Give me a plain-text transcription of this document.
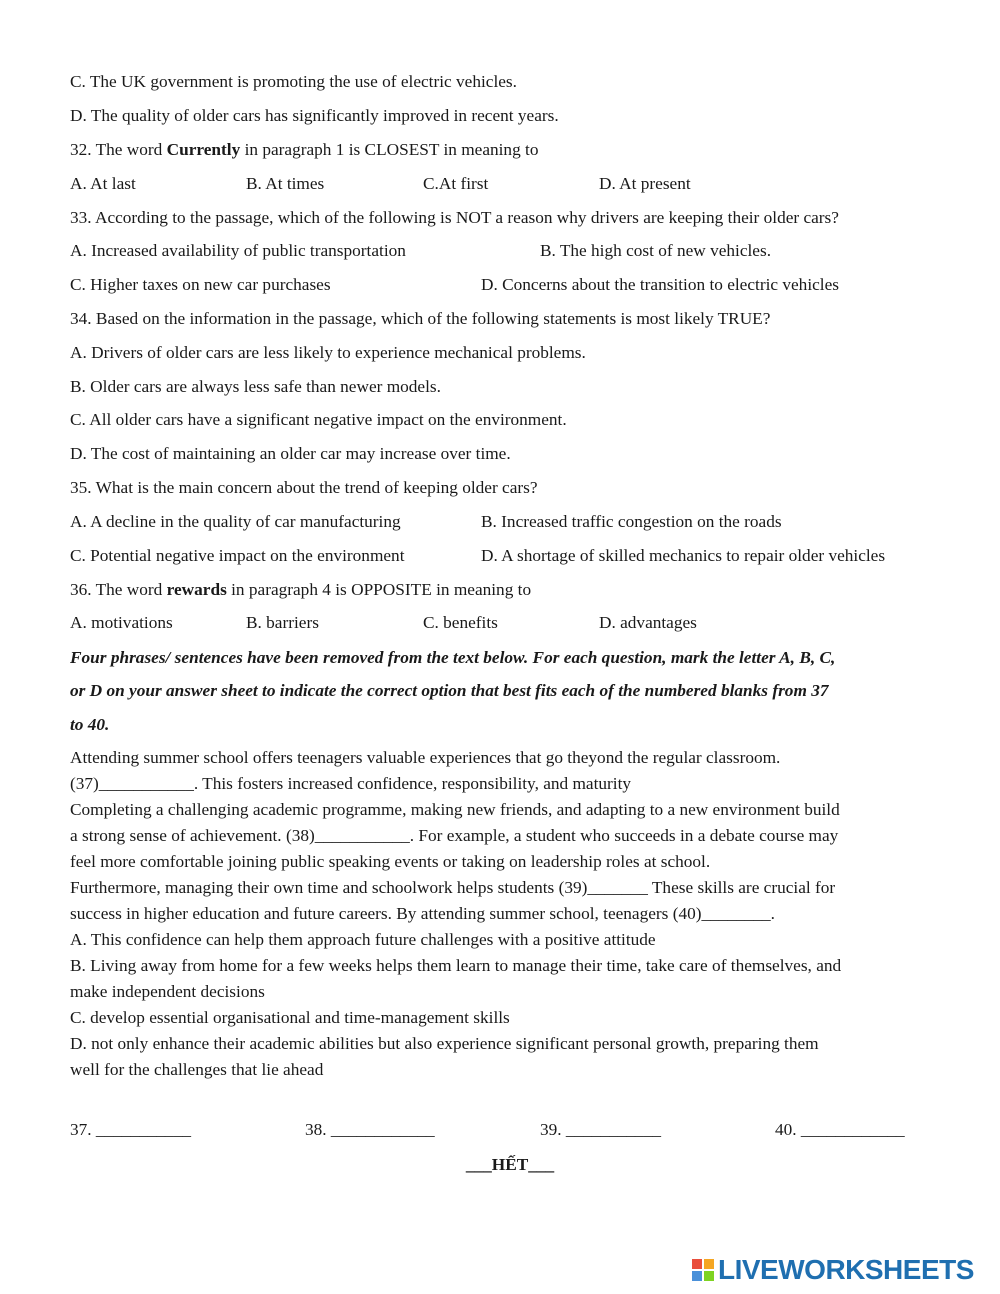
C. The UK government is promoting the use of electric vehicles.
D. The quality of older cars has significantly improved in recent years.
32. The word Currently in paragraph 1 is CLOSEST in meaning to
A. At last	B. At times	C.At first	D. At present
33. According to the passage, which of the following is NOT a reason why drivers are keeping their older cars?
A. Increased availability of public transportation	B. The high cost of new vehicles.
C. Higher taxes on new car purchases	D. Concerns about the transition to electric vehicles
34. Based on the information in the passage, which of the following statements is most likely TRUE?
A. Drivers of older cars are less likely to experience mechanical problems.
B. Older cars are always less safe than newer models.
C. All older cars have a significant negative impact on the environment.
D. The cost of maintaining an older car may increase over time.
35. What is the main concern about the trend of keeping older cars?
A. A decline in the quality of car manufacturing	B. Increased traffic congestion on the roads
C. Potential negative impact on the environment	D. A shortage of skilled mechanics to repair older vehicles
36. The word rewards in paragraph 4 is OPPOSITE in meaning to
A. motivations	B. barriers	C. benefits	D. advantages
Four phrases/ sentences have been removed from the text below. For each question, mark the letter A, B, C,
or D on your answer sheet to indicate the correct option that best fits each of the numbered blanks from 37
to 40.
Attending summer school offers teenagers valuable experiences that go theyond the regular classroom.
(37)___________. This fosters increased confidence, responsibility, and maturity
Completing a challenging academic programme, making new friends, and adapting to a new environment build
a strong sense of achievement. (38)___________. For example, a student who succeeds in a debate course may
feel more comfortable joining public speaking events or taking on leadership roles at school.
Furthermore, managing their own time and schoolwork helps students (39)_______ These skills are crucial for
success in higher education and future careers. By attending summer school, teenagers (40)________.
A. This confidence can help them approach future challenges with a positive attitude
B. Living away from home for a few weeks helps them learn to manage their time, take care of themselves, and
make independent decisions
C. develop essential organisational and time-management skills
D. not only enhance their academic abilities but also experience significant personal growth, preparing them
well for the challenges that lie ahead
37. ___________	38. ____________	39. ___________	40. ____________
___HẾT___
LIVEWORKSHEETS
